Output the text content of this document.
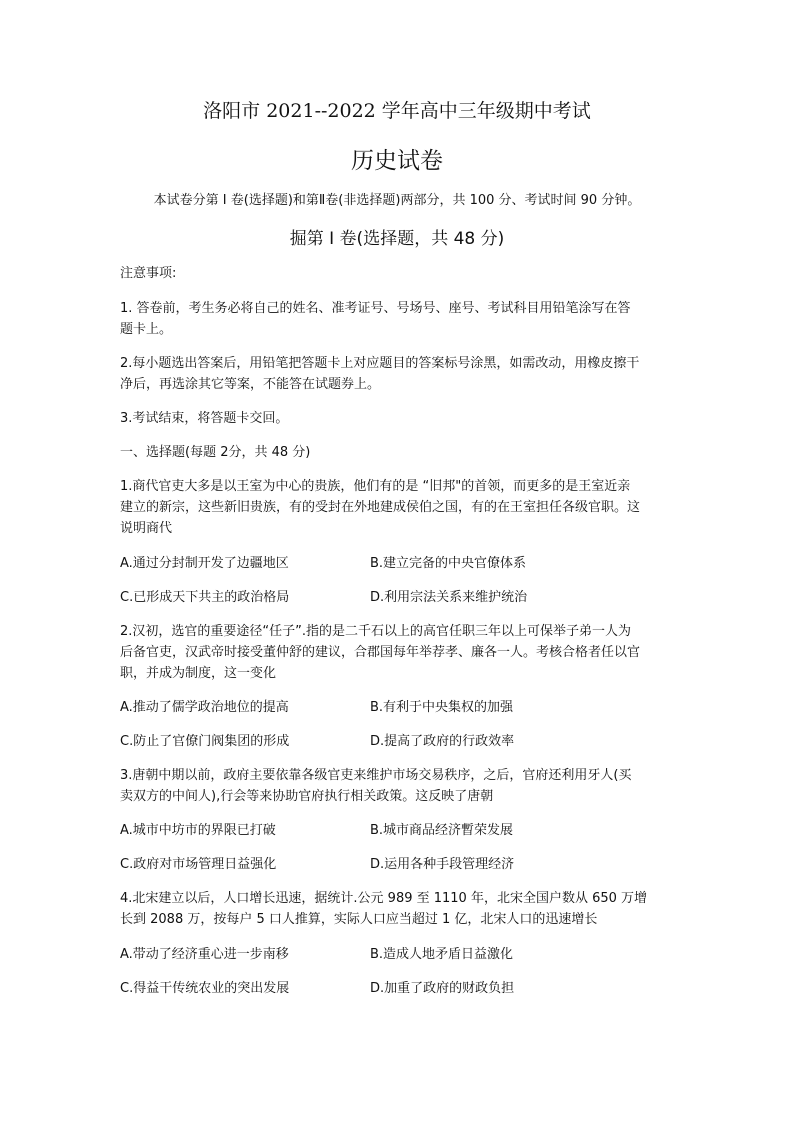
洛阳市 2021--2022 学年高中三年级期中考试
历史试卷
本试卷分第 I 卷(选择题)和第Ⅱ卷(非选择题)两部分，共 100 分、考试时间 90 分钟。
掘第 I 卷(选择题，共 48 分)
注意事项:
1. 答卷前，考生务必将自己的姓名、准考证号、号场号、座号、考试科目用铅笔涂写在答
题卡上。
2.每小题选出答案后，用铅笔把答题卡上对应题目的答案标号涂黑，如需改动，用橡皮擦干
净后，再选涂其它等案，不能答在试题券上。
3.考试结束，将答题卡交回。
一、选择题(每题 2分，共 48 分)
1.商代官吏大多是以王室为中心的贵族，他们有的是 “旧邦"的首领，而更多的是王室近亲
建立的新宗，这些新旧贵族，有的受封在外地建成侯伯之国，有的在王室担任各级官职。这
说明商代
A.通过分封制开发了边疆地区	B.建立完备的中央官僚体系
C.已形成天下共主的政治格局	D.利用宗法关系来维护统治
2.汉初，选官的重要途径“任子”.指的是二千石以上的高官任职三年以上可保举子弟一人为
后备官吏，汉武帝时接受董仲舒的建议，合郡国每年举荐孝、廉各一人。考核合格者任以官
职，并成为制度，这一变化
A.推动了儒学政治地位的提高	B.有利于中央集权的加强
C.防止了官僚门阀集团的形成	D.提高了政府的行政效率
3.唐朝中期以前，政府主要依靠各级官吏来维护市场交易秩序，之后，官府还利用牙人(买
卖双方的中间人),行会等来协助官府执行相关政策。这反映了唐朝
A.城市中坊市的界限已打破	B.城市商品经济暫荣发展
C.政府对市场管理日益强化	D.运用各种手段管理经济
4.北宋建立以后，人口增长迅速，据统计.公元 989 至 1110 年，北宋全国户数从 650 万增
长到 2088 万，按每户 5 口人推算，实际人口应当超过 1 亿，北宋人口的迅速增长
A.带动了经济重心进一步南移	B.造成人地矛盾日益激化
C.得益干传统农业的突出发展	D.加重了政府的财政负担
